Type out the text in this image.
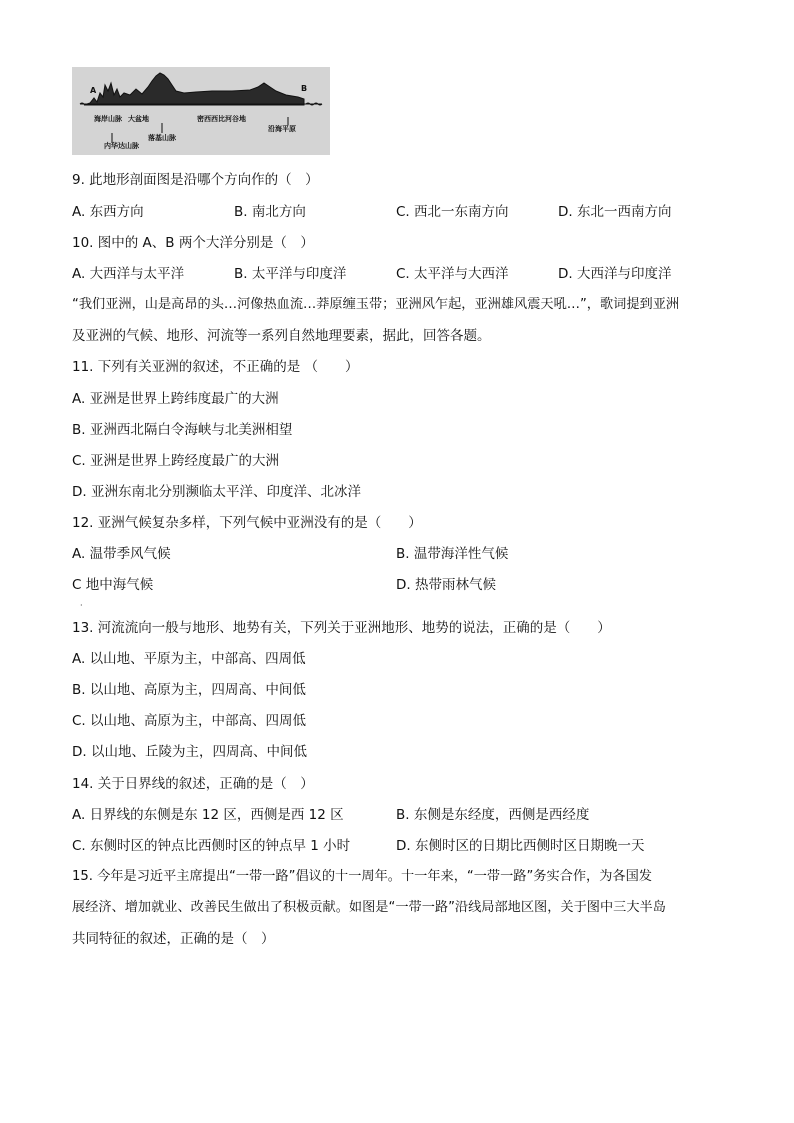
A	B
海岸山脉 大盆地
内华达山脉
落基山脉
密西西比河谷地
沿海平原
9. 此地形剖面图是沿哪个方向作的（　）
A. 东西方向	B. 南北方向	C. 西北一东南方向	D. 东北一西南方向
10. 图中的 A、B 两个大洋分别是（　）
A. 大西洋与太平洋	B. 太平洋与印度洋	C. 太平洋与大西洋	D. 大西洋与印度洋
“我们亚洲，山是高昂的头…河像热血流…莽原缠玉带；亚洲风乍起，亚洲雄风震天吼…”，歌词提到亚洲
及亚洲的气候、地形、河流等一系列自然地理要素，据此，回答各题。
11. 下列有关亚洲的叙述，不正确的是 （　　）
A. 亚洲是世界上跨纬度最广的大洲
B. 亚洲西北隔白令海峡与北美洲相望
C. 亚洲是世界上跨经度最广的大洲
D. 亚洲东南北分别濒临太平洋、印度洋、北冰洋
12. 亚洲气候复杂多样，下列气候中亚洲没有的是（　　）
A. 温带季风气候	B. 温带海洋性气候
C 地中海气候	D. 热带雨林气候
·
13. 河流流向一般与地形、地势有关，下列关于亚洲地形、地势的说法，正确的是（　　）
A. 以山地、平原为主，中部高、四周低
B. 以山地、高原为主，四周高、中间低
C. 以山地、高原为主，中部高、四周低
D. 以山地、丘陵为主，四周高、中间低
14. 关于日界线的叙述，正确的是（　）
A. 日界线的东侧是东 12 区，西侧是西 12 区	B. 东侧是东经度，西侧是西经度
C. 东侧时区的钟点比西侧时区的钟点早 1 小时	D. 东侧时区的日期比西侧时区日期晚一天
15. 今年是习近平主席提出“一带一路”倡议的十一周年。十一年来，“一带一路”务实合作，为各国发
展经济、增加就业、改善民生做出了积极贡献。如图是“一带一路”沿线局部地区图，关于图中三大半岛
共同特征的叙述，正确的是（　）
